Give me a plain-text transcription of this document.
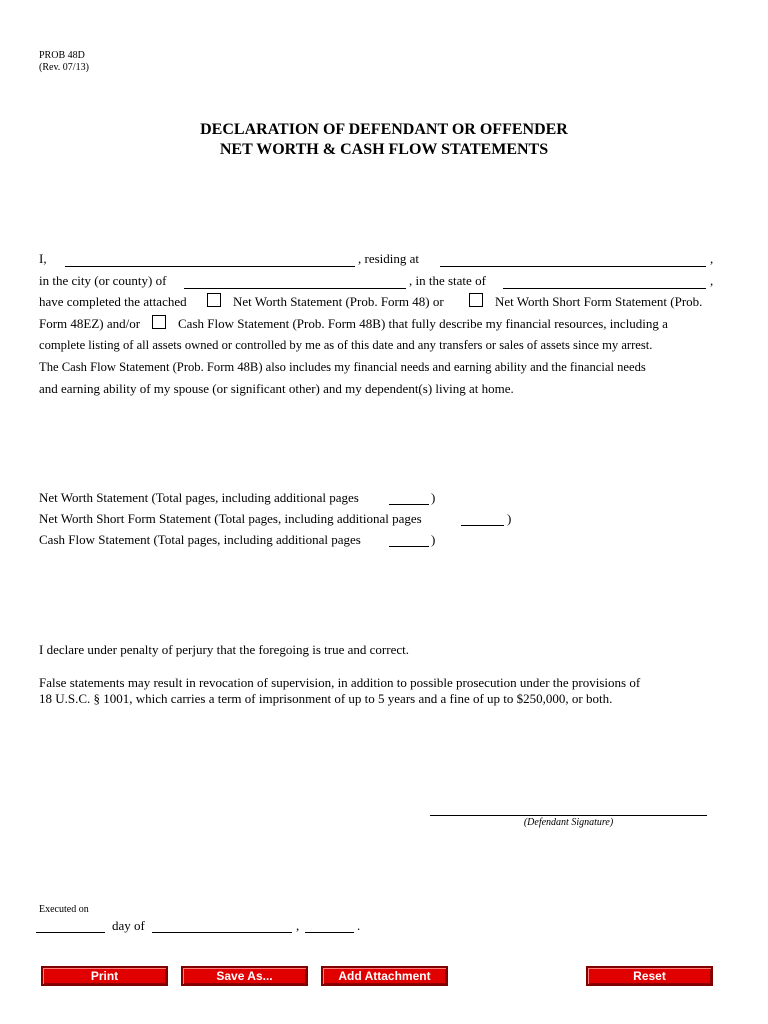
PROB 48D
(Rev. 07/13)
DECLARATION OF DEFENDANT OR OFFENDER
NET WORTH & CASH FLOW STATEMENTS
I,	, residing at	,
in the city (or county) of	, in the state of	,
have completed the attached	Net Worth Statement (Prob. Form 48) or	Net Worth Short Form Statement (Prob.
Form 48EZ) and/or	Cash Flow Statement (Prob. Form 48B) that fully describe my financial resources, including a
complete listing of all assets owned or controlled by me as of this date and any transfers or sales of assets since my arrest.
The Cash Flow Statement (Prob. Form 48B) also includes my financial needs and earning ability and the financial needs
and earning ability of my spouse (or significant other) and my dependent(s) living at home.
Net Worth Statement (Total pages, including additional pages	)
Net Worth Short Form Statement (Total pages, including additional pages	)
Cash Flow Statement (Total pages, including additional pages	)
I declare under penalty of perjury that the foregoing is true and correct.
False statements may result in revocation of supervision, in addition to possible prosecution under the provisions of
18 U.S.C. § 1001, which carries a term of imprisonment of up to 5 years and a fine of up to $250,000, or both.
(Defendant Signature)
Executed on
day of	,	.
Print	Save As...	Add Attachment	Reset
